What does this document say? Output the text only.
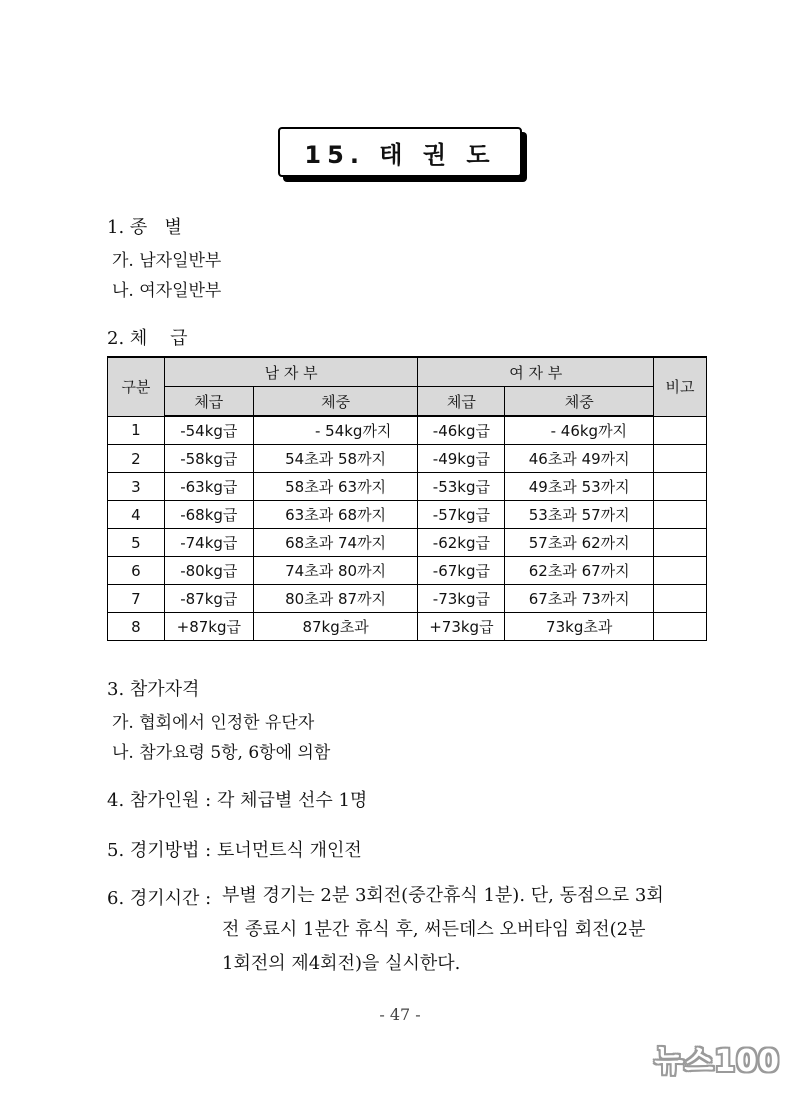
15. 태 권 도
1. 종   별
가. 남자일반부
나. 여자일반부
2. 체    급
구분	남 자 부		여 자 부		비고
	체급	체중	체급	체중	
1	-54kg급	- 54kg까지	-46kg급	- 46kg까지	
2	-58kg급	54초과 58까지	-49kg급	46초과 49까지	
3	-63kg급	58초과 63까지	-53kg급	49초과 53까지	
4	-68kg급	63초과 68까지	-57kg급	53초과 57까지	
5	-74kg급	68초과 74까지	-62kg급	57초과 62까지	
6	-80kg급	74초과 80까지	-67kg급	62초과 67까지	
7	-87kg급	80초과 87까지	-73kg급	67초과 73까지	
8	+87kg급	87kg초과	+73kg급	73kg초과	
3. 참가자격
가. 협회에서 인정한 유단자
나. 참가요령 5항, 6항에 의함
4. 참가인원 : 각 체급별 선수 1명
5. 경기방법 : 토너먼트식 개인전
6. 경기시간 : 부별 경기는 2분 3회전(중간휴식 1분). 단, 동점으로 3회
전 종료시 1분간 휴식 후, 써든데스 오버타임 회전(2분
1회전의 제4회전)을 실시한다.
- 47 -
뉴스100
